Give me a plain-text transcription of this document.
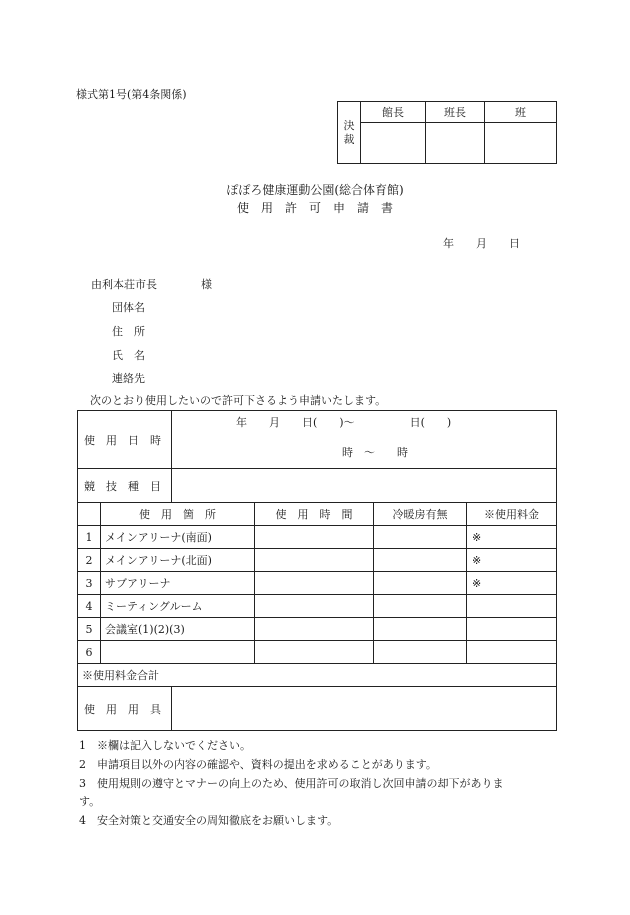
様式第1号(第4条関係)
決
裁	館長	班長	班

ぽぽろ健康運動公園(総合体育館)
使　用　許　可　申　請　書
年　　月　　日
由利本荘市長　　　　様
団体名
住　所
氏　名
連絡先
次のとおり使用したいので許可下さるよう申請いたします。
使　用　日　時		年　　月　　日(　　)〜　　　　　日(　　)
時　〜　　時			

競　技　種　目					
	使　用　箇　所		使　用　時　間	冷暖房有無	※使用料金
1	メインアリーナ(南面)				※
2	メインアリーナ(北面)				※
3	サブアリーナ				※
4	ミーティングルーム				
5	会議室(1)(2)(3)				
6					
※使用料金合計					
使　用　用　具					
1　※欄は記入しないでください。
2　申請項目以外の内容の確認や、資料の提出を求めることがあります。
3　使用規則の遵守とマナーの向上のため、使用許可の取消し次回申請の却下がありま
す。
4　安全対策と交通安全の周知徹底をお願いします。
